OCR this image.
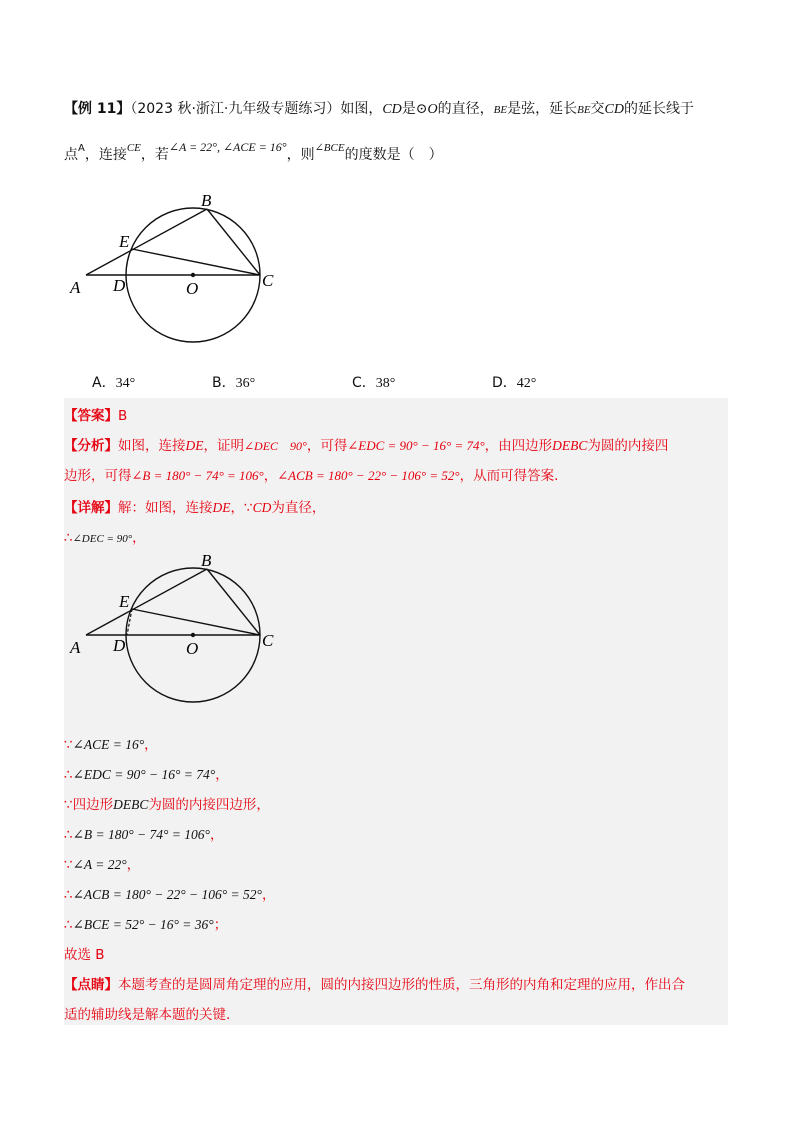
【例 11】（2023 秋·浙江·九年级专题练习）如图，CD是⊙O的直径，BE是弦，延长BE交CD的延长线于
点$^A$，连接$^{CE}$，若∠A = 22°, ∠ACE = 16°，则$^{\angle BCE}$的度数是（　）
A D	O	C
E
B
A．34°	B．36°	C．38°	D．42°
【答案】B
【分析】如图，连接DE，证明∠DEC　90°，可得∠EDC = 90° − 16° = 74°，由四边形DEBC为圆的内接四
边形，可得∠B = 180° − 74° = 106°，∠ACB = 180° − 22° − 106° = 52°，从而可得答案.
【详解】解：如图，连接DE，∵CD为直径，
∴∠DEC = 90°，
A D	O	C
E
B
∵∠ACE = 16°，
∴∠EDC = 90° − 16° = 74°，
∵四边形DEBC为圆的内接四边形，
∴∠B = 180° − 74° = 106°，
∵∠A = 22°，
∴∠ACB = 180° − 22° − 106° = 52°，
∴∠BCE = 52° − 16° = 36°；
故选 B
【点睛】本题考查的是圆周角定理的应用，圆的内接四边形的性质，三角形的内角和定理的应用，作出合
适的辅助线是解本题的关键.
